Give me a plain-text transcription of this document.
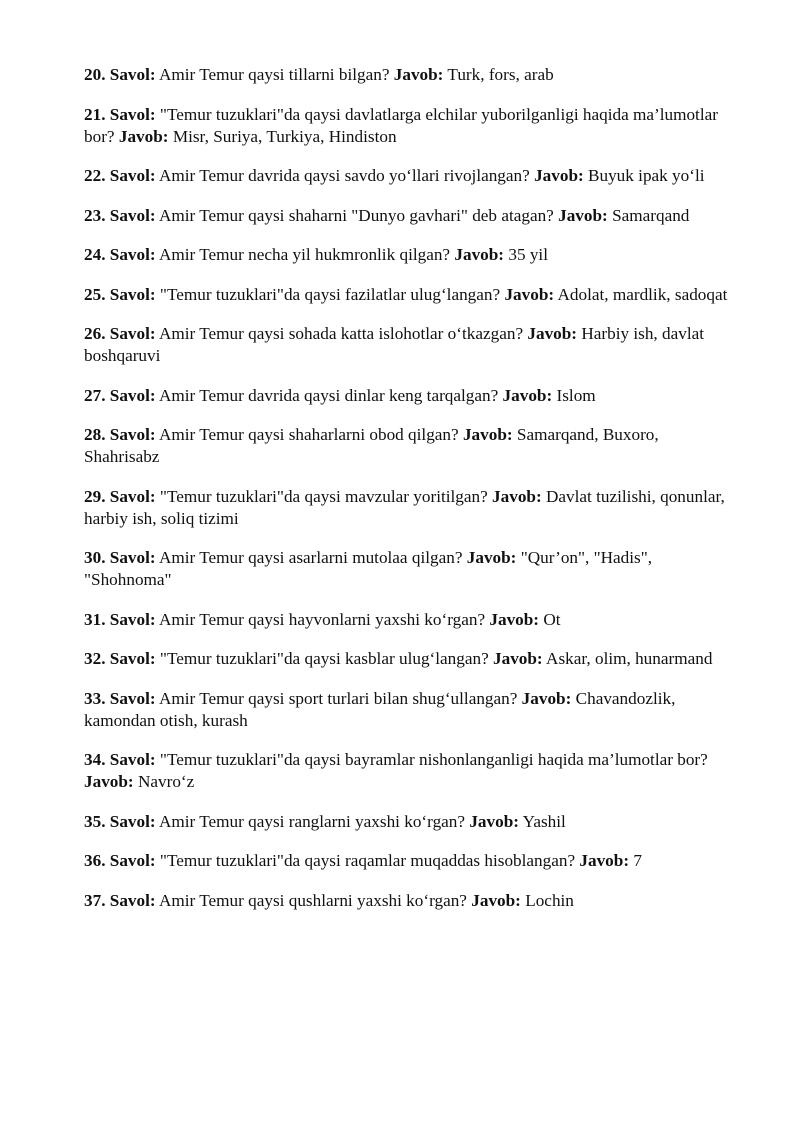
20. Savol: Amir Temur qaysi tillarni bilgan? Javob: Turk, fors, arab
21. Savol: "Temur tuzuklari"da qaysi davlatlarga elchilar yuborilganligi haqida ma’lumotlar bor? Javob: Misr, Suriya, Turkiya, Hindiston
22. Savol: Amir Temur davrida qaysi savdo yo‘llari rivojlangan? Javob: Buyuk ipak yo‘li
23. Savol: Amir Temur qaysi shaharni "Dunyo gavhari" deb atagan? Javob: Samarqand
24. Savol: Amir Temur necha yil hukmronlik qilgan? Javob: 35 yil
25. Savol: "Temur tuzuklari"da qaysi fazilatlar ulug‘langan? Javob: Adolat, mardlik, sadoqat
26. Savol: Amir Temur qaysi sohada katta islohotlar o‘tkazgan? Javob: Harbiy ish, davlat boshqaruvi
27. Savol: Amir Temur davrida qaysi dinlar keng tarqalgan? Javob: Islom
28. Savol: Amir Temur qaysi shaharlarni obod qilgan? Javob: Samarqand, Buxoro, Shahrisabz
29. Savol: "Temur tuzuklari"da qaysi mavzular yoritilgan? Javob: Davlat tuzilishi, qonunlar, harbiy ish, soliq tizimi
30. Savol: Amir Temur qaysi asarlarni mutolaa qilgan? Javob: "Qur’on", "Hadis", "Shohnoma"
31. Savol: Amir Temur qaysi hayvonlarni yaxshi ko‘rgan? Javob: Ot
32. Savol: "Temur tuzuklari"da qaysi kasblar ulug‘langan? Javob: Askar, olim, hunarmand
33. Savol: Amir Temur qaysi sport turlari bilan shug‘ullangan? Javob: Chavandozlik, kamondan otish, kurash
34. Savol: "Temur tuzuklari"da qaysi bayramlar nishonlanganligi haqida ma’lumotlar bor? Javob: Navro‘z
35. Savol: Amir Temur qaysi ranglarni yaxshi ko‘rgan? Javob: Yashil
36. Savol: "Temur tuzuklari"da qaysi raqamlar muqaddas hisoblangan? Javob: 7
37. Savol: Amir Temur qaysi qushlarni yaxshi ko‘rgan? Javob: Lochin
